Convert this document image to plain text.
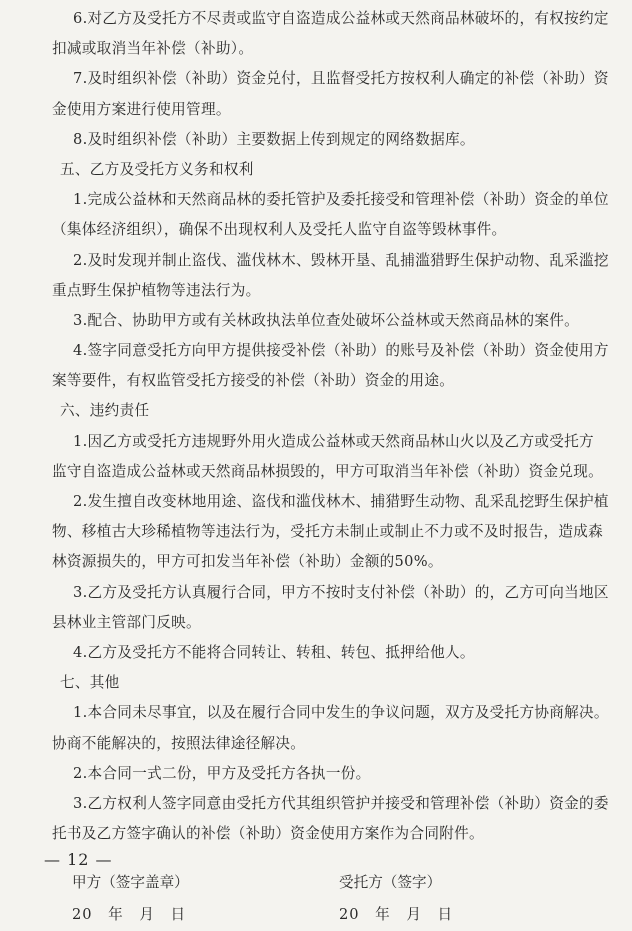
6.对乙方及受托方不尽责或监守自盗造成公益林或天然商品林破坏的，有权按约定
扣减或取消当年补偿（补助）。
7.及时组织补偿（补助）资金兑付，且监督受托方按权利人确定的补偿（补助）资
金使用方案进行使用管理。
8.及时组织补偿（补助）主要数据上传到规定的网络数据库。
五、乙方及受托方义务和权利
1.完成公益林和天然商品林的委托管护及委托接受和管理补偿（补助）资金的单位
（集体经济组织），确保不出现权利人及受托人监守自盗等毁林事件。
2.及时发现并制止盗伐、滥伐林木、毁林开垦、乱捕滥猎野生保护动物、乱采滥挖
重点野生保护植物等违法行为。
3.配合、协助甲方或有关林政执法单位查处破坏公益林或天然商品林的案件。
4.签字同意受托方向甲方提供接受补偿（补助）的账号及补偿（补助）资金使用方
案等要件，有权监管受托方接受的补偿（补助）资金的用途。
六、违约责任
1.因乙方或受托方违规野外用火造成公益林或天然商品林山火以及乙方或受托方
监守自盗造成公益林或天然商品林损毁的，甲方可取消当年补偿（补助）资金兑现。
2.发生擅自改变林地用途、盗伐和滥伐林木、捕猎野生动物、乱采乱挖野生保护植
物、移植古大珍稀植物等违法行为，受托方未制止或制止不力或不及时报告，造成森
林资源损失的，甲方可扣发当年补偿（补助）金额的50%。
3.乙方及受托方认真履行合同，甲方不按时支付补偿（补助）的，乙方可向当地区
县林业主管部门反映。
4.乙方及受托方不能将合同转让、转租、转包、抵押给他人。
七、其他
1.本合同未尽事宜，以及在履行合同中发生的争议问题，双方及受托方协商解决。
协商不能解决的，按照法律途径解决。
2.本合同一式二份，甲方及受托方各执一份。
3.乙方权利人签字同意由受托方代其组织管护并接受和管理补偿（补助）资金的委
托书及乙方签字确认的补偿（补助）资金使用方案作为合同附件。
甲方（签字盖章）	受托方（签字）
20　年　月　日	20　年　月　日
— 12 —
